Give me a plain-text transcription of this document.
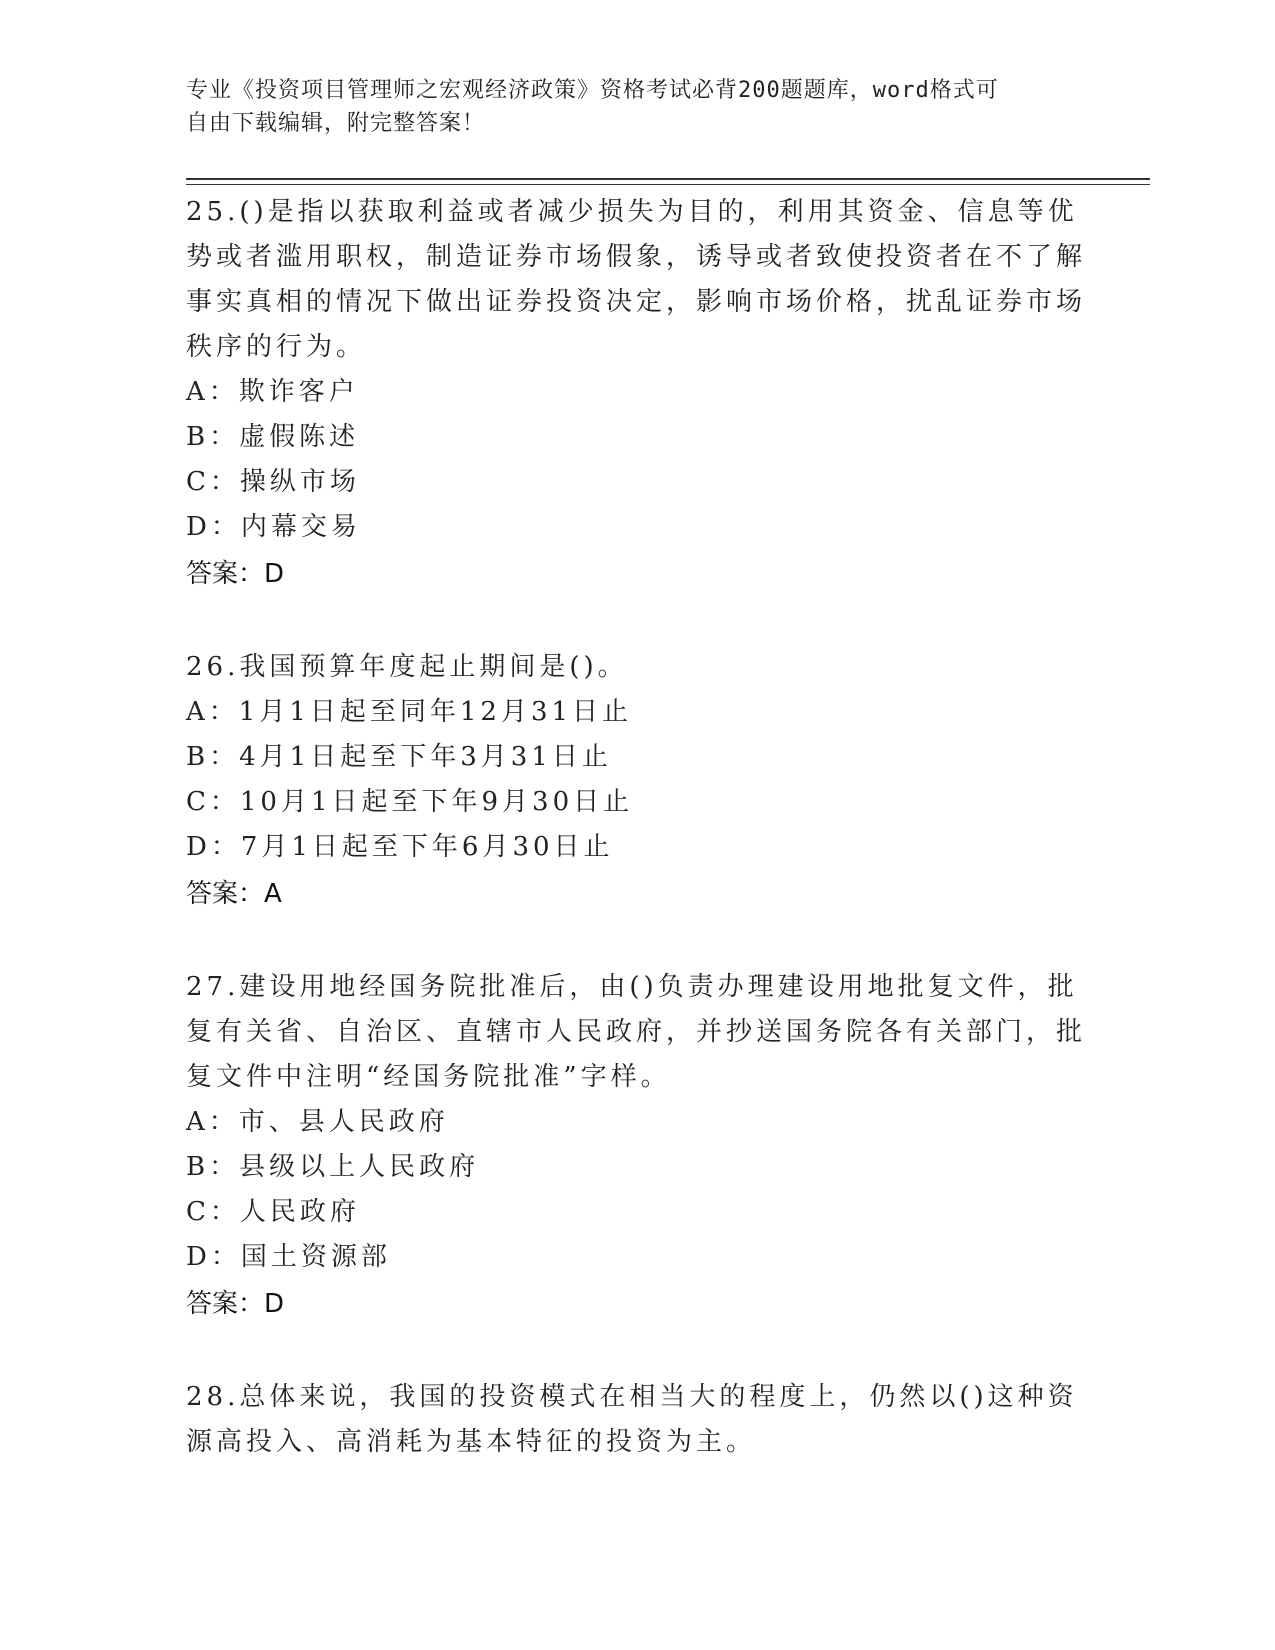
专业《投资项目管理师之宏观经济政策》资格考试必背200题题库，word格式可
自由下载编辑，附完整答案！
25.()是指以获取利益或者减少损失为目的，利用其资金、信息等优势或者滥用职权，制造证券市场假象，诱导或者致使投资者在不了解事实真相的情况下做出证券投资决定，影响市场价格，扰乱证券市场秩序的行为。
A：欺诈客户
B：虚假陈述
C：操纵市场
D：内幕交易
答案：D
26.我国预算年度起止期间是()。
A：1月1日起至同年12月31日止
B：4月1日起至下年3月31日止
C：10月1日起至下年9月30日止
D：7月1日起至下年6月30日止
答案：A
27.建设用地经国务院批准后，由()负责办理建设用地批复文件，批复有关省、自治区、直辖市人民政府，并抄送国务院各有关部门，批复文件中注明“经国务院批准”字样。
A：市、县人民政府
B：县级以上人民政府
C：人民政府
D：国土资源部
答案：D
28.总体来说，我国的投资模式在相当大的程度上，仍然以()这种资源高投入、高消耗为基本特征的投资为主。
